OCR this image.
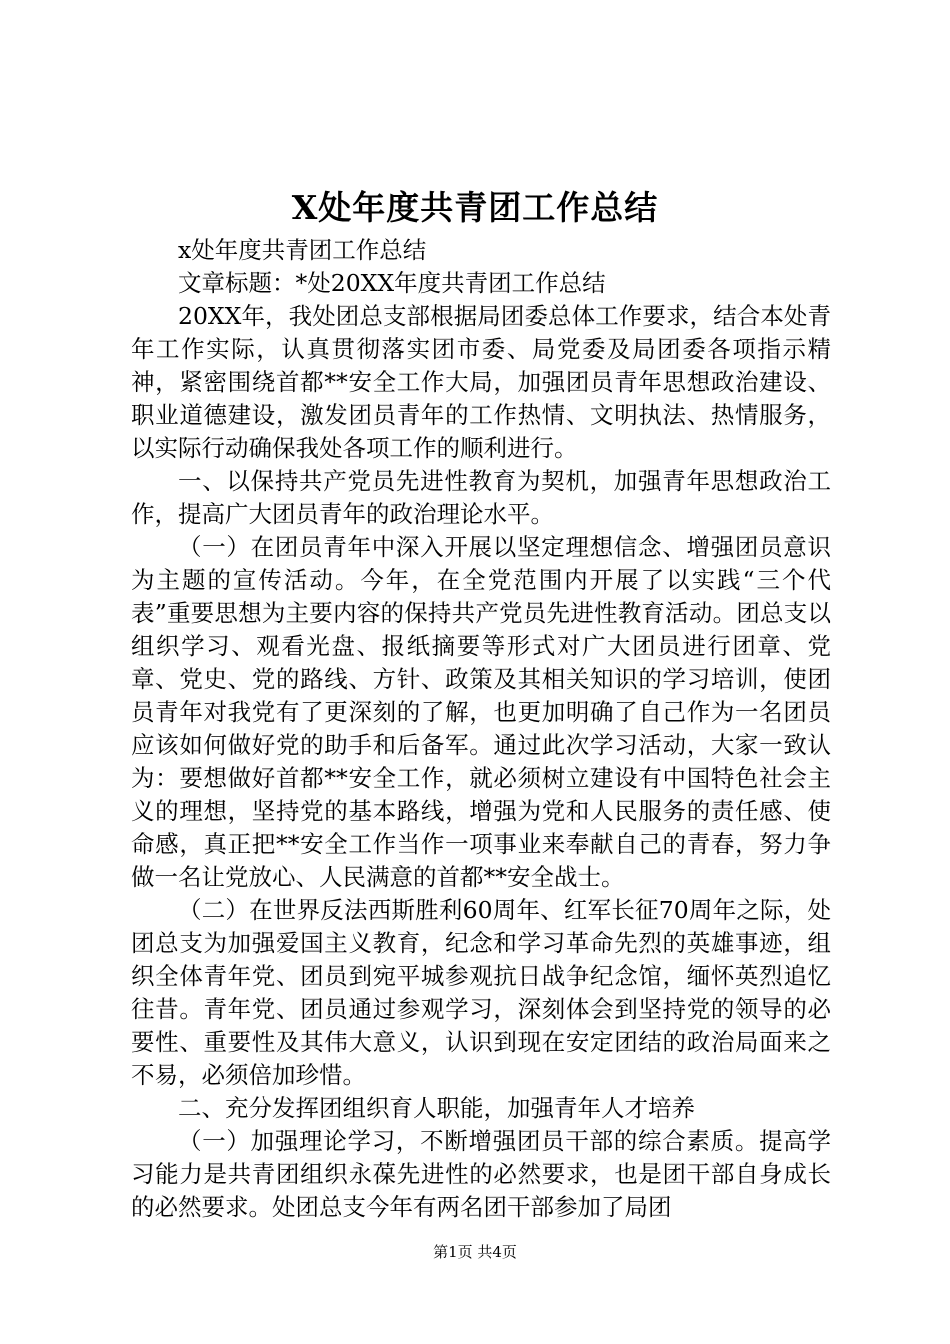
X处年度共青团工作总结

x处年度共青团工作总结

文章标题：*处20XX年度共青团工作总结

20XX年，我处团总支部根据局团委总体工作要求，结合本处青年工作实际，认真贯彻落实团市委、局党委及局团委各项指示精神，紧密围绕首都**安全工作大局，加强团员青年思想政治建设、职业道德建设，激发团员青年的工作热情、文明执法、热情服务，以实际行动确保我处各项工作的顺利进行。

一、以保持共产党员先进性教育为契机，加强青年思想政治工作，提高广大团员青年的政治理论水平。

（一）在团员青年中深入开展以坚定理想信念、增强团员意识为主题的宣传活动。今年，在全党范围内开展了以实践“三个代表”重要思想为主要内容的保持共产党员先进性教育活动。团总支以组织学习、观看光盘、报纸摘要等形式对广大团员进行团章、党章、党史、党的路线、方针、政策及其相关知识的学习培训，使团员青年对我党有了更深刻的了解，也更加明确了自己作为一名团员应该如何做好党的助手和后备军。通过此次学习活动，大家一致认为：要想做好首都**安全工作，就必须树立建设有中国特色社会主义的理想，坚持党的基本路线，增强为党和人民服务的责任感、使命感，真正把**安全工作当作一项事业来奉献自己的青春，努力争做一名让党放心、人民满意的首都**安全战士。

（二）在世界反法西斯胜利60周年、红军长征70周年之际，处团总支为加强爱国主义教育，纪念和学习革命先烈的英雄事迹，组织全体青年党、团员到宛平城参观抗日战争纪念馆，缅怀英烈追忆往昔。青年党、团员通过参观学习，深刻体会到坚持党的领导的必要性、重要性及其伟大意义，认识到现在安定团结的政治局面来之不易，必须倍加珍惜。

二、充分发挥团组织育人职能，加强青年人才培养

（一）加强理论学习，不断增强团员干部的综合素质。提高学习能力是共青团组织永葆先进性的必然要求，也是团干部自身成长的必然要求。处团总支今年有两名团干部参加了局团

第1页 共4页
